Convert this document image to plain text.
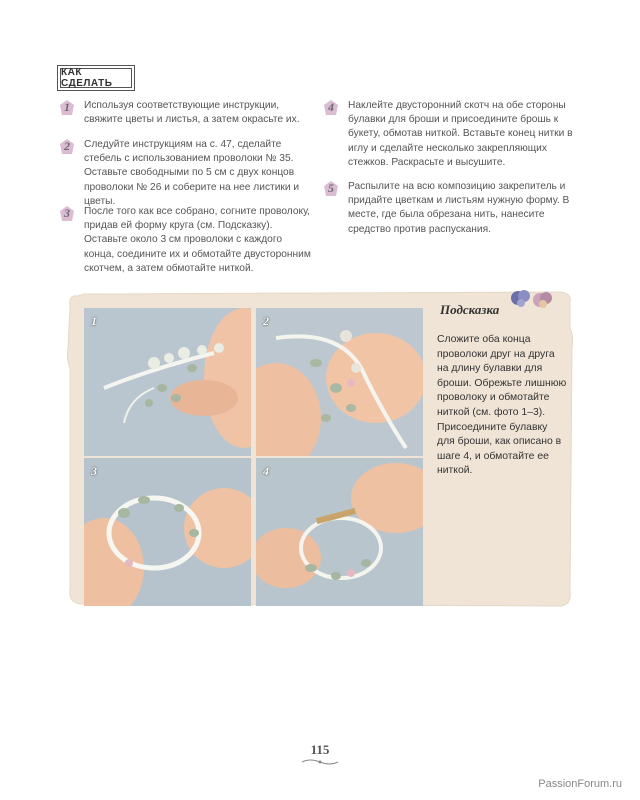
КАК СДЕЛАТЬ
1	Используя соответствующие инструкции, свяжите цветы и листья, а затем окрасьте их.
2	Следуйте инструкциям на с. 47, сделайте стебель с использованием проволоки № 35. Оставьте свободными по 5 см с двух концов проволоки № 26 и соберите на нее листики и цветы.
3	После того как все собрано, согните проволоку, придав ей форму круга (см. Подсказку). Оставьте около 3 см проволоки с каждого конца, соедините их и обмотайте двусторонним скотчем, а затем обмотайте ниткой.
4	Наклейте двусторонний скотч на обе стороны булавки для броши и присоедините брошь к букету, обмотав ниткой. Вставьте конец нитки в иглу и сделайте несколько закрепляющих стежков. Раскрасьте и высушите.
5	Распылите на всю композицию закрепитель и придайте цветкам и листьям нужную форму. В месте, где была обрезана нить, нанесите средство против распускания.
1	2
3	4
Подсказка
Сложите оба конца проволоки друг на друга на длину булавки для броши. Обрежьте лишнюю проволоку и обмотайте ниткой (см. фото 1–3). Присоедините булавку для броши, как описано в шаге 4, и обмотайте ее ниткой.
115
PassionForum.ru
